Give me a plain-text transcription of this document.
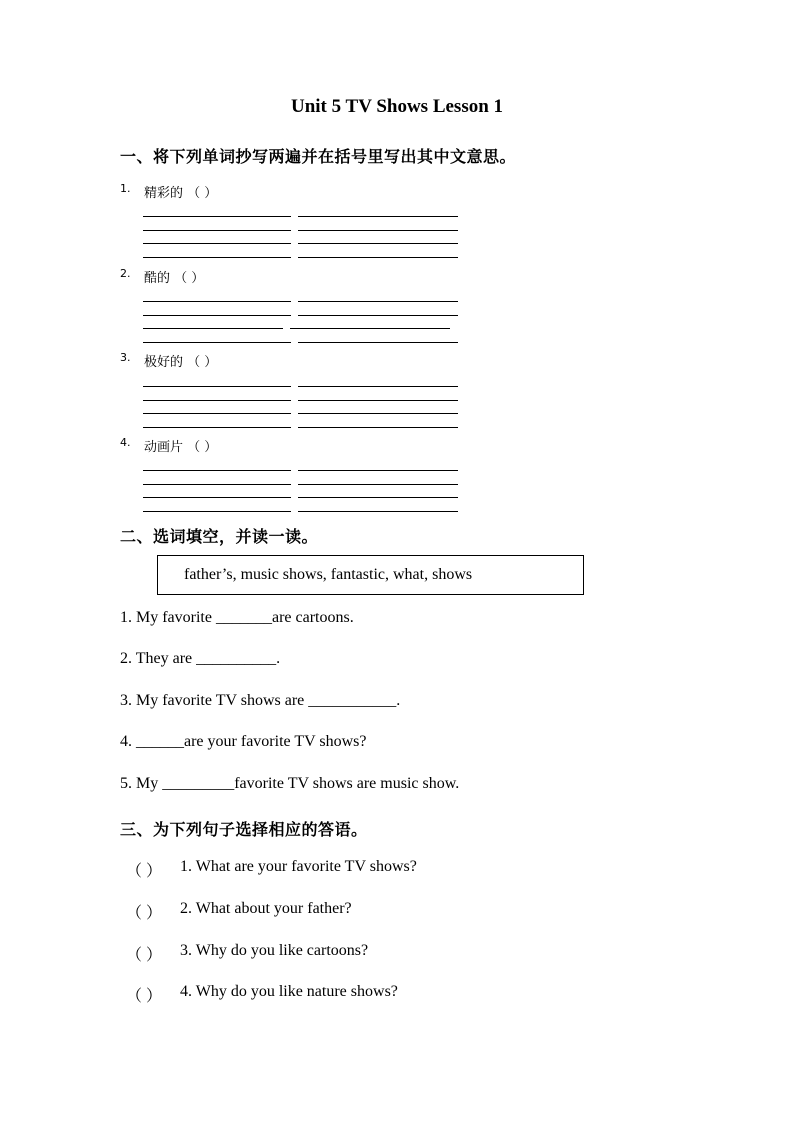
Unit 5 TV Shows Lesson 1
一、将下列单词抄写两遍并在括号里写出其中文意思。
1. 精彩的 （ ）
2. 酷的 （ ）
3. 极好的 （ ）
4. 动画片 （ ）
二、选词填空，并读一读。
father’s, music shows, fantastic, what, shows
1. My favorite _______are cartoons.
2. They are __________.
3. My favorite TV shows are ___________.
4. ______are your favorite TV shows?
5. My _________favorite TV shows are music show.
三、为下列句子选择相应的答语。
（ ） 1. What are your favorite TV shows?
（ ） 2. What about your father?
（ ） 3. Why do you like cartoons?
（ ） 4. Why do you like nature shows?
